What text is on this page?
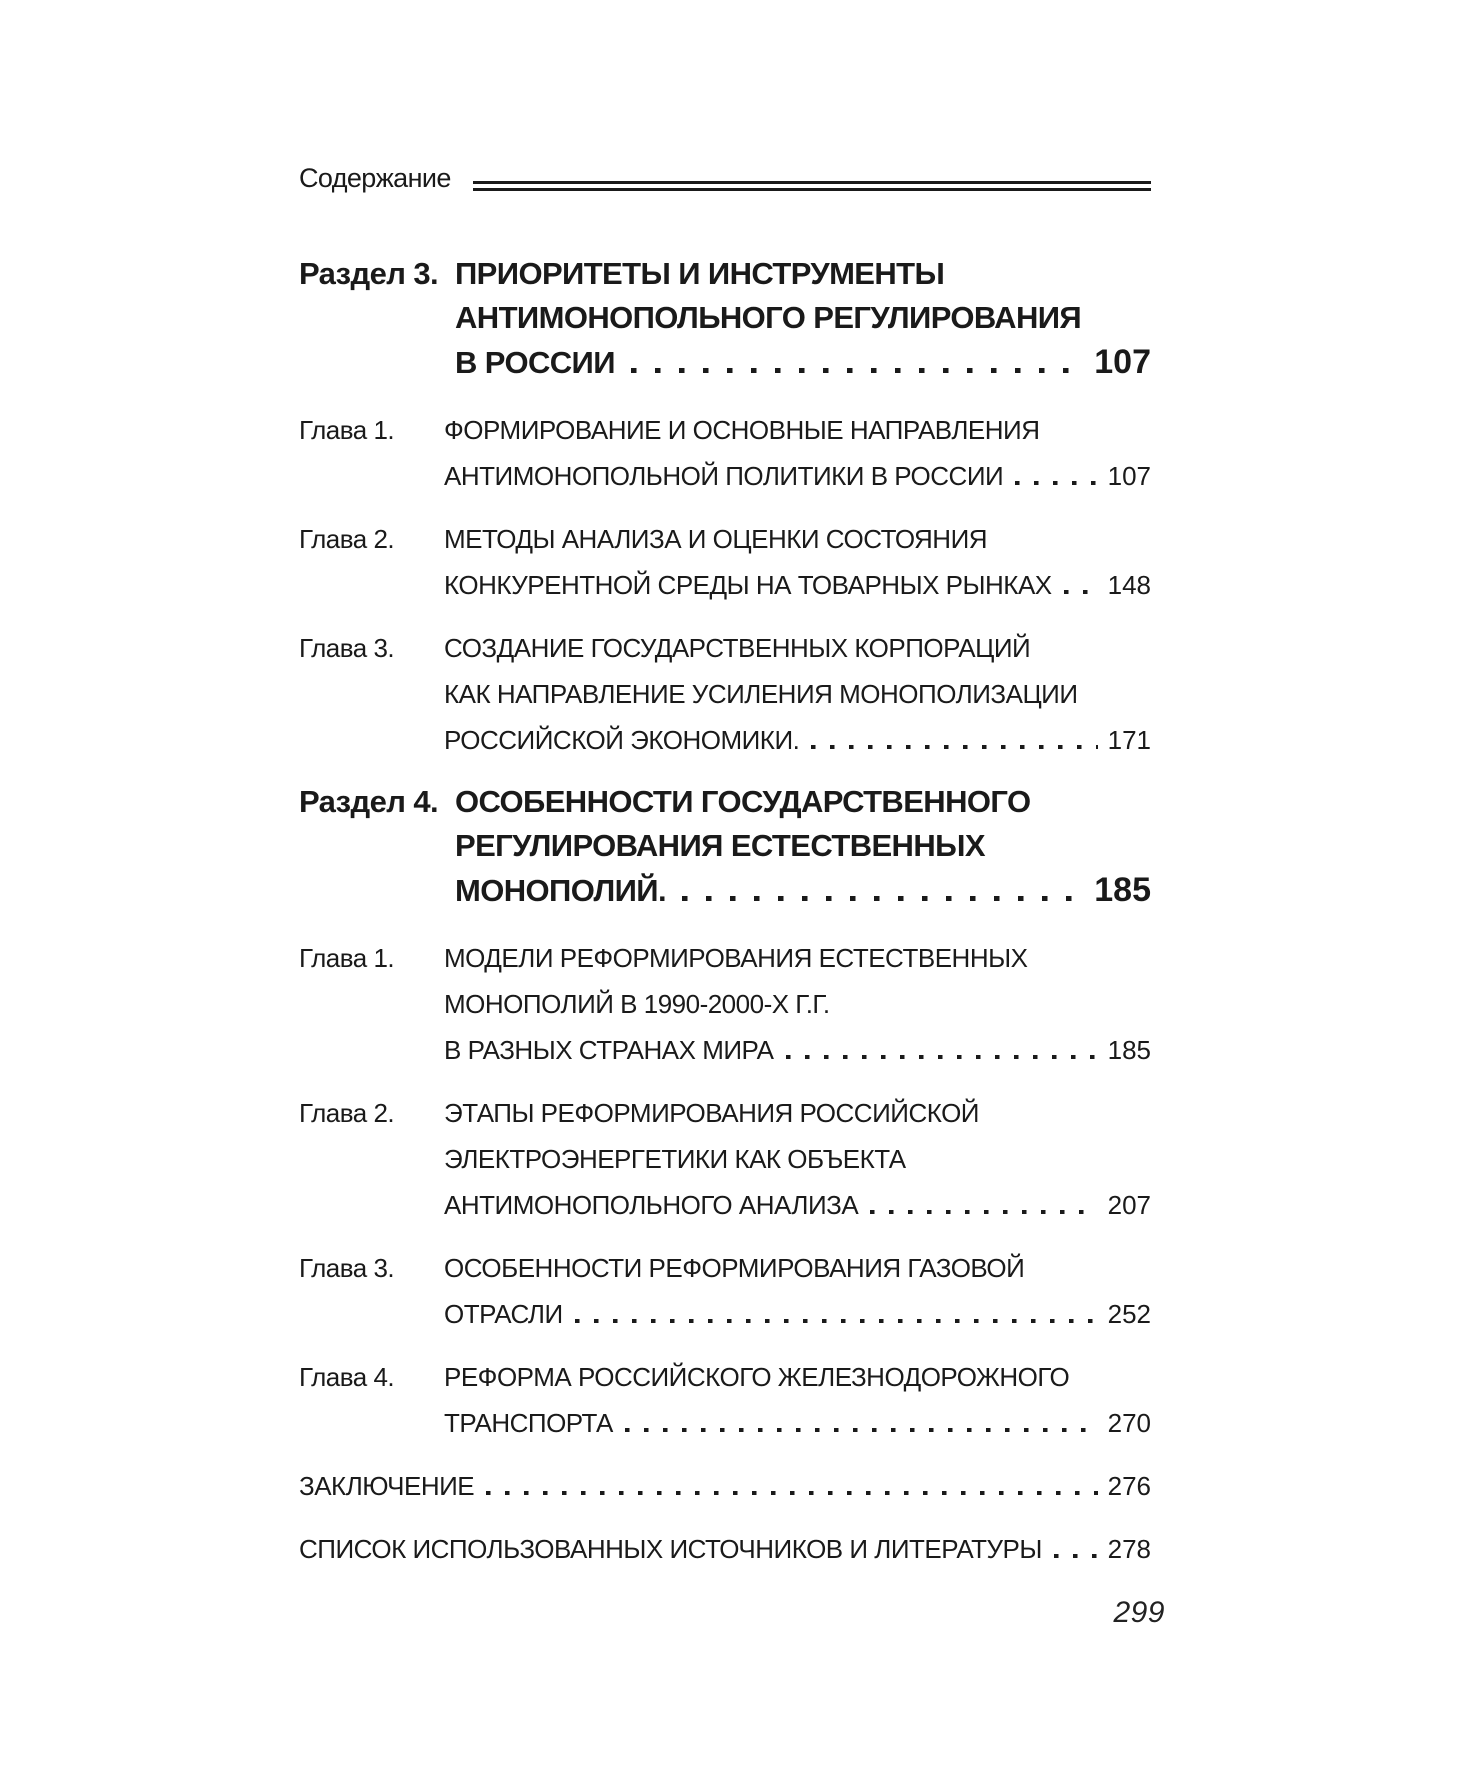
Содержание
Раздел 3. ПРИОРИТЕТЫ И ИНСТРУМЕНТЫ
АНТИМОНОПОЛЬНОГО РЕГУЛИРОВАНИЯ
В РОССИИ	107
Глава 1.	ФОРМИРОВАНИЕ И ОСНОВНЫЕ НАПРАВЛЕНИЯ
АНТИМОНОПОЛЬНОЙ ПОЛИТИКИ В РОССИИ	107
Глава 2.	МЕТОДЫ АНАЛИЗА И ОЦЕНКИ СОСТОЯНИЯ
КОНКУРЕНТНОЙ СРЕДЫ НА ТОВАРНЫХ РЫНКАХ 148
Глава 3.	СОЗДАНИЕ ГОСУДАРСТВЕННЫХ КОРПОРАЦИЙ
КАК НАПРАВЛЕНИЕ УСИЛЕНИЯ МОНОПОЛИЗАЦИИ
РОССИЙСКОЙ ЭКОНОМИКИ.	171
Раздел 4. ОСОБЕННОСТИ ГОСУДАРСТВЕННОГО
РЕГУЛИРОВАНИЯ ЕСТЕСТВЕННЫХ
МОНОПОЛИЙ.	185
Глава 1.	МОДЕЛИ РЕФОРМИРОВАНИЯ ЕСТЕСТВЕННЫХ
МОНОПОЛИЙ В 1990-2000-Х Г.Г.
В РАЗНЫХ СТРАНАХ МИРА	185
Глава 2.	ЭТАПЫ РЕФОРМИРОВАНИЯ РОССИЙСКОЙ
ЭЛЕКТРОЭНЕРГЕТИКИ КАК ОБЪЕКТА
АНТИМОНОПОЛЬНОГО АНАЛИЗА	207
Глава 3.	ОСОБЕННОСТИ РЕФОРМИРОВАНИЯ ГАЗОВОЙ
ОТРАСЛИ	252
Глава 4.	РЕФОРМА РОССИЙСКОГО ЖЕЛЕЗНОДОРОЖНОГО
ТРАНСПОРТА	270
ЗАКЛЮЧЕНИЕ	276
СПИСОК ИСПОЛЬЗОВАННЫХ ИСТОЧНИКОВ И ЛИТЕРАТУРЫ	278
299
